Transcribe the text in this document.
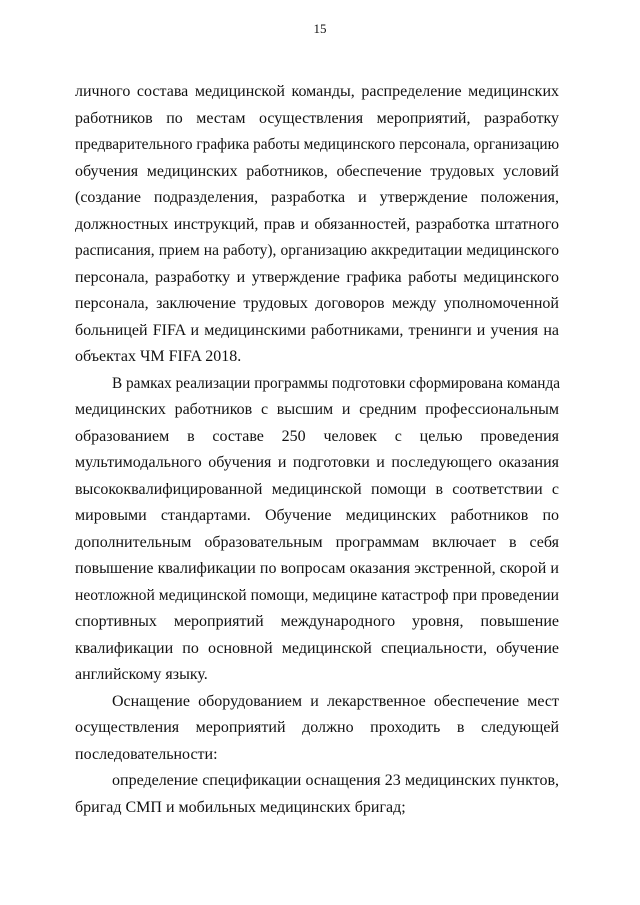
15
личного состава медицинской команды, распределение медицинских
работников по местам осуществления мероприятий, разработку
предварительного графика работы медицинского персонала, организацию
обучения медицинских работников, обеспечение трудовых условий
(создание подразделения, разработка и утверждение положения,
должностных инструкций, прав и обязанностей, разработка штатного
расписания, прием на работу), организацию аккредитации медицинского
персонала, разработку и утверждение графика работы медицинского
персонала, заключение трудовых договоров между уполномоченной
больницей FIFA и медицинскими работниками, тренинги и учения на
объектах ЧМ FIFA 2018.
В рамках реализации программы подготовки сформирована команда
медицинских работников с высшим и средним профессиональным
образованием в составе 250 человек с целью проведения
мультимодального обучения и подготовки и последующего оказания
высококвалифицированной медицинской помощи в соответствии с
мировыми стандартами. Обучение медицинских работников по
дополнительным образовательным программам включает в себя
повышение квалификации по вопросам оказания экстренной, скорой и
неотложной медицинской помощи, медицине катастроф при проведении
спортивных мероприятий международного уровня, повышение
квалификации по основной медицинской специальности, обучение
английскому языку.
Оснащение оборудованием и лекарственное обеспечение мест
осуществления мероприятий должно проходить в следующей
последовательности:
определение спецификации оснащения 23 медицинских пунктов,
бригад СМП и мобильных медицинских бригад;
